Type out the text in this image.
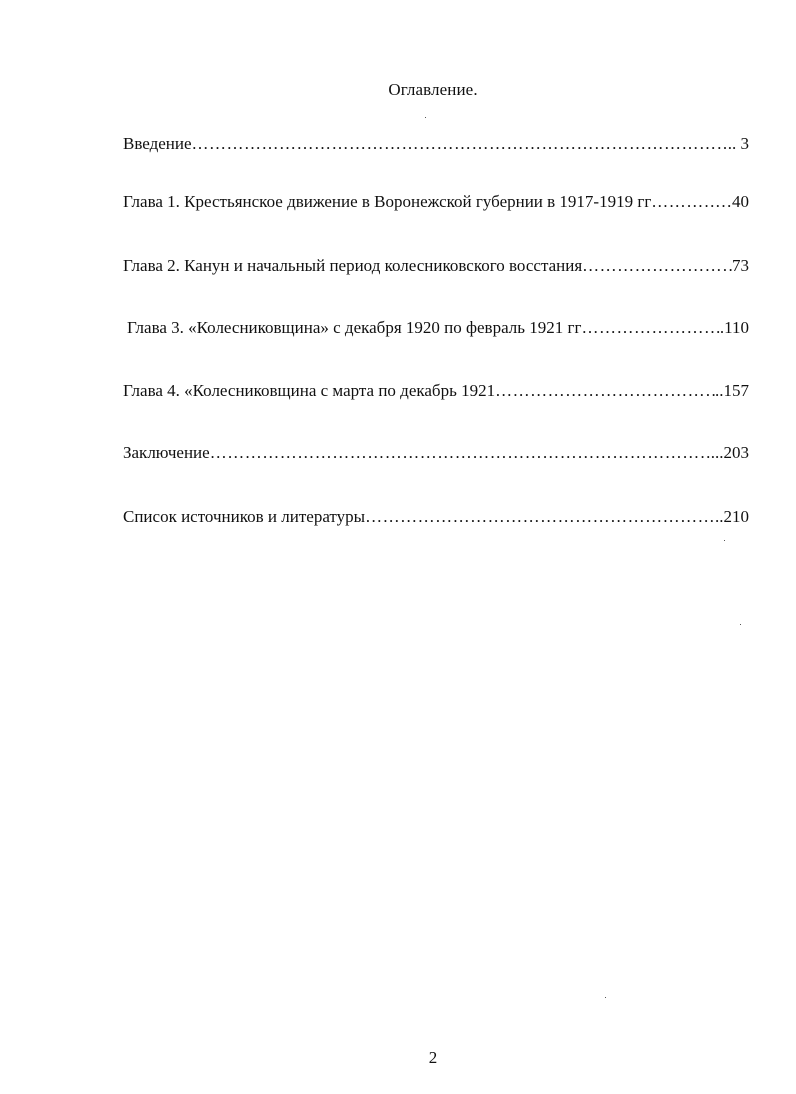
Оглавление.
Введение ………………………………………………………………………………………………………………………………………………………………	.. 3
Глава 1. Крестьянское движение в Воронежской губернии в 1917-1919 гг ………………………………………………………………………………………………………………………………………………………………	…40
Глава 2. Канун и начальный период колесниковского восстания ………………………………………………………………………………………………………………………………………………………………	73
Глава 3. «Колесниковщина» с декабря 1920 по февраль 1921 гг ………………………………………………………………………………………………………………………………………………………………	.110
Глава 4. «Колесниковщина с марта по декабрь 1921 ………………………………………………………………………………………………………………………………………………………………	..157
Заключение ………………………………………………………………………………………………………………………………………………………………	...203
Список источников и литературы ………………………………………………………………………………………………………………………………………………………………	..210
2
